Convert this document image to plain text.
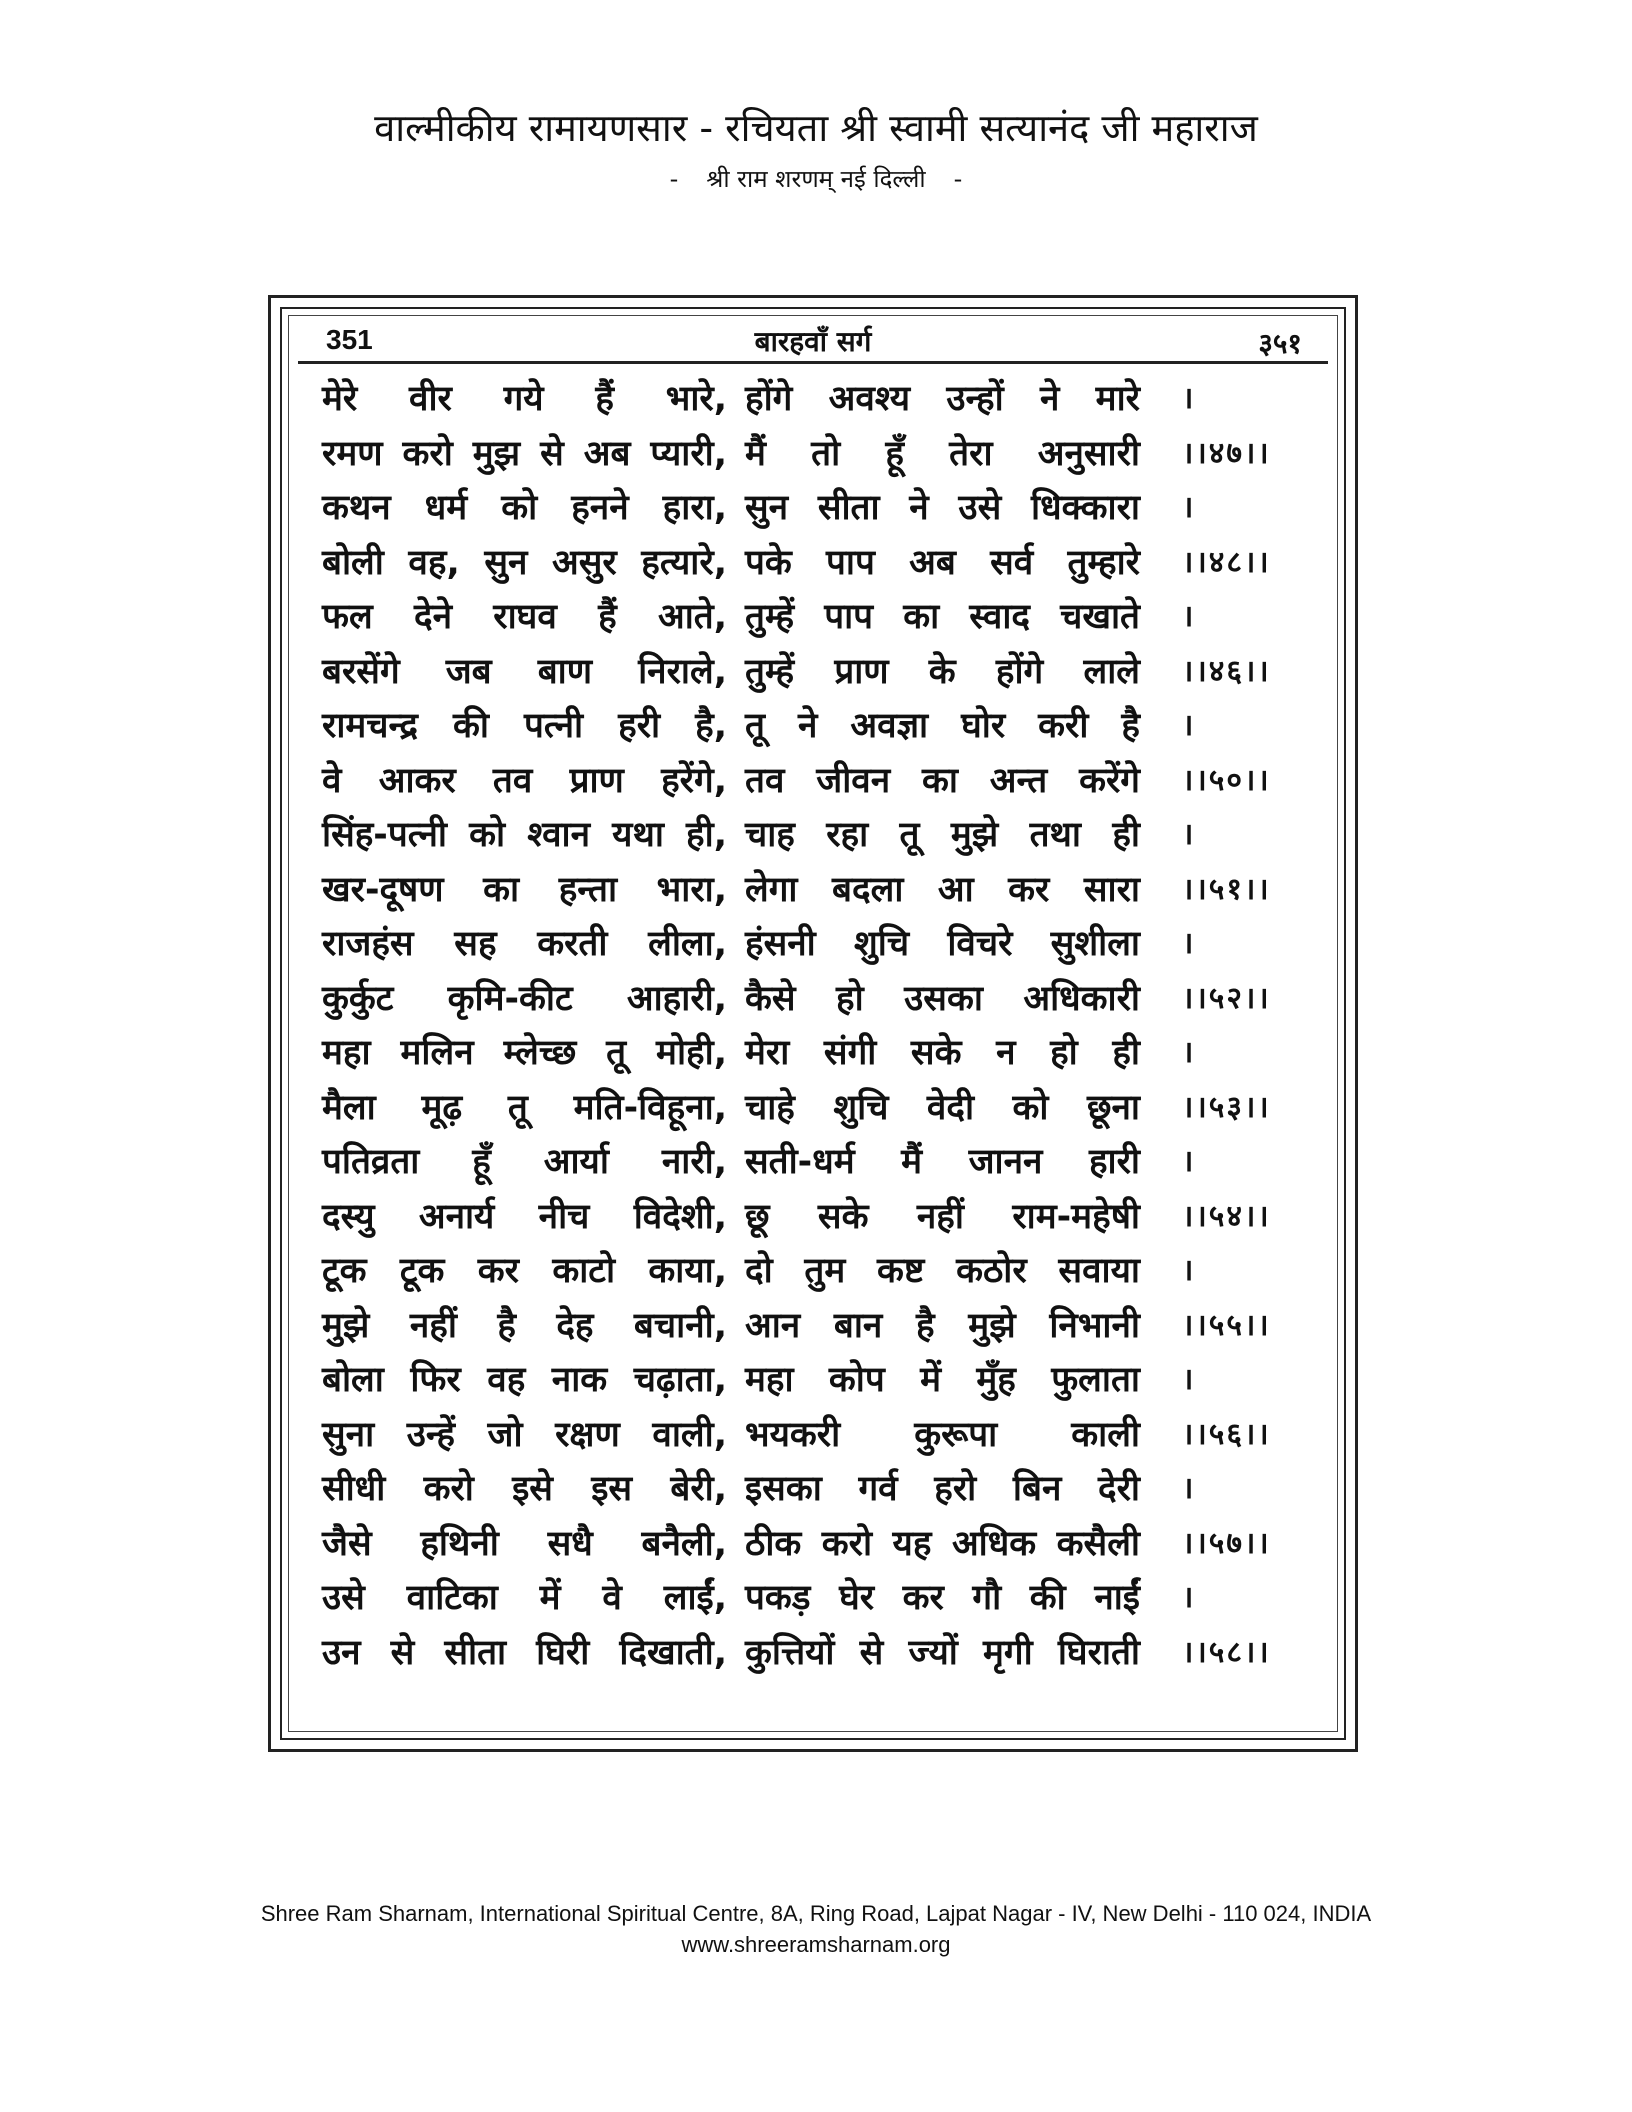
वाल्मीकीय रामायणसार - रचियता श्री स्वामी सत्यानंद जी महाराज
- श्री राम शरणम् नई दिल्ली -
351	बारहवाँ सर्ग	३५१
मेरे वीर गये हैं भारे, होंगे अवश्य उन्हों ने मारे ।
रमण करो मुझ से अब प्यारी, मैं तो हूँ तेरा अनुसारी ।।४७।।
कथन धर्म को हनने हारा, सुन सीता ने उसे धिक्कारा ।
बोली वह, सुन असुर हत्यारे, पके पाप अब सर्व तुम्हारे ।।४८।।
फल देने राघव हैं आते, तुम्हें पाप का स्वाद चखाते ।
बरसेंगे जब बाण निराले, तुम्हें प्राण के होंगे लाले ।।४६।।
रामचन्द्र की पत्नी हरी है, तू ने अवज्ञा घोर करी है ।
वे आकर तव प्राण हरेंगे, तव जीवन का अन्त करेंगे ।।५०।।
सिंह-पत्नी को श्वान यथा ही, चाह रहा तू मुझे तथा ही ।
खर-दूषण का हन्ता भारा, लेगा बदला आ कर सारा ।।५१।।
राजहंस सह करती लीला, हंसनी शुचि विचरे सुशीला ।
कुर्कुट कृमि-कीट आहारी, कैसे हो उसका अधिकारी ।।५२।।
महा मलिन म्लेच्छ तू मोही, मेरा संगी सके न हो ही ।
मैला मूढ़ तू मति-विहूना, चाहे शुचि वेदी को छूना ।।५३।।
पतिव्रता हूँ आर्या नारी, सती-धर्म मैं जानन हारी ।
दस्यु अनार्य नीच विदेशी, छू सके नहीं राम-महेषी ।।५४।।
टूक टूक कर काटो काया, दो तुम कष्ट कठोर सवाया ।
मुझे नहीं है देह बचानी, आन बान है मुझे निभानी ।।५५।।
बोला फिर वह नाक चढ़ाता, महा कोप में मुँह फुलाता ।
सुना उन्हें जो रक्षण वाली, भयकरी कुरूपा काली ।।५६।।
सीधी करो इसे इस बेरी, इसका गर्व हरो बिन देरी ।
जैसे हथिनी सधै बनैली, ठीक करो यह अधिक कसैली ।।५७।।
उसे वाटिका में वे लाईं, पकड़ घेर कर गौ की नाईं ।
उन से सीता घिरी दिखाती, कुत्तियों से ज्यों मृगी घिराती ।।५८।।
Shree Ram Sharnam, International Spiritual Centre, 8A, Ring Road, Lajpat Nagar - IV, New Delhi - 110 024, INDIA
www.shreeramsharnam.org
